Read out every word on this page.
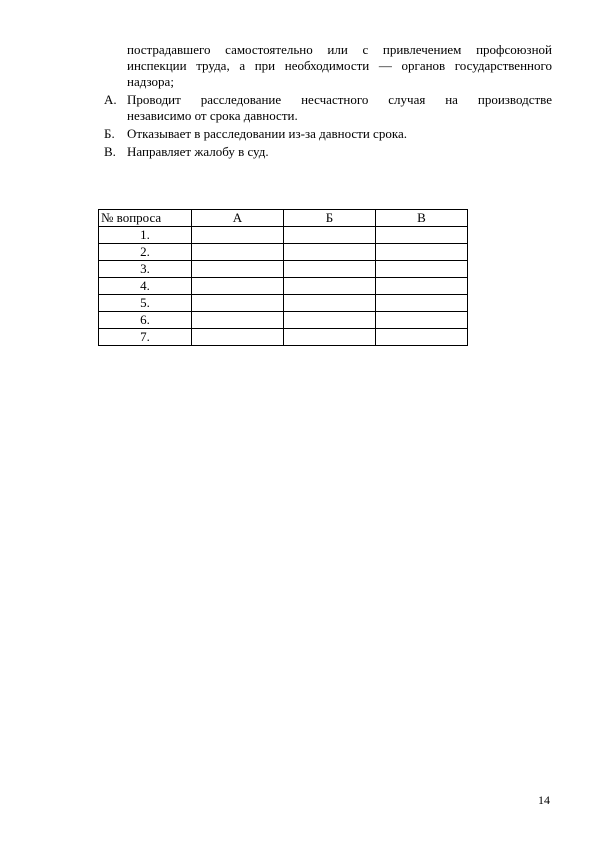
пострадавшего самостоятельно или с привлечением профсоюзной
инспекции труда, а при необходимости — органов государственного
надзора;
А. Проводит расследование несчастного случая на производстве
независимо от срока давности.
Б. Отказывает в расследовании из-за давности срока.
В. Направляет жалобу в суд.
№ вопроса	А	Б	В
1.			
2.			
3.			
4.			
5.			
6.			
7.			
14
